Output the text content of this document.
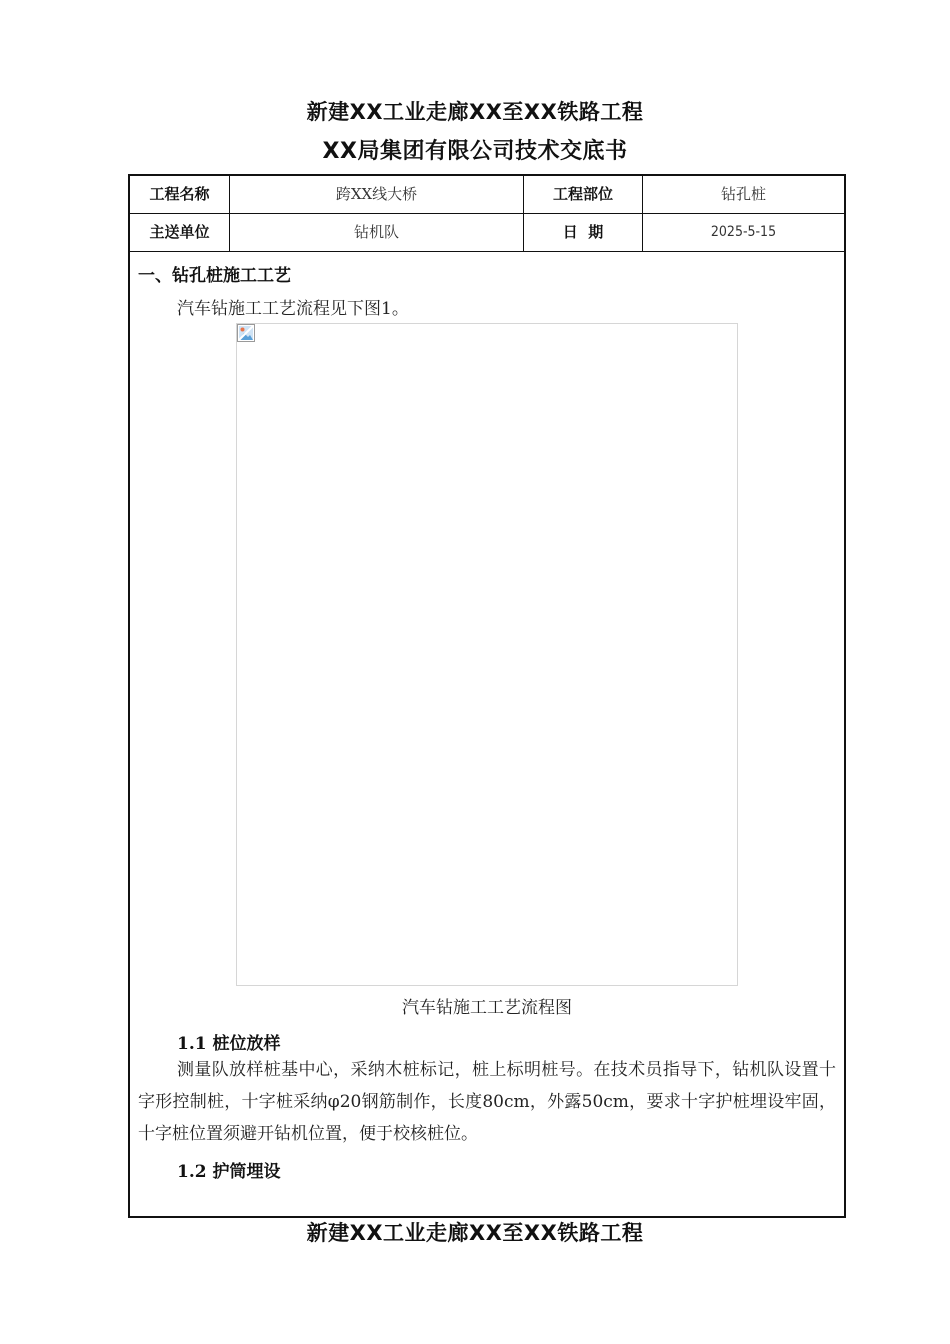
新建XX工业走廊XX至XX铁路工程
XX局集团有限公司技术交底书
工程名称	跨XX线大桥	工程部位	钻孔桩
主送单位	钻机队	日  期	2025-5-15
一、钻孔桩施工工艺
汽车钻施工工艺流程见下图1。
汽车钻施工工艺流程图
1.1 桩位放样
测量队放样桩基中心，采纳木桩标记，桩上标明桩号。在技术员指导下，钻机队设置十字形控制桩，十字桩采纳φ20钢筋制作，长度80cm，外露50cm，要求十字护桩埋设牢固，十字桩位置须避开钻机位置，便于校核桩位。
1.2 护筒埋设
新建XX工业走廊XX至XX铁路工程
